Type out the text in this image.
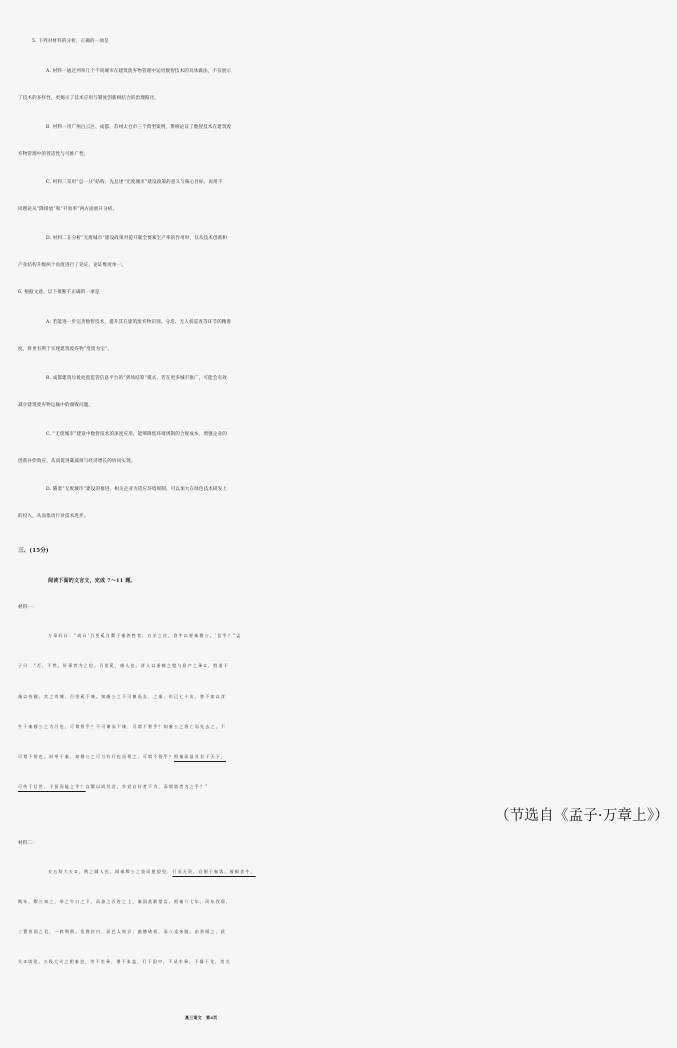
5. 下列对材料的分析，正确的一项是
A. 材料一通过列举几个不同城市在建筑废弃物管理中运用数智技术的具体做法，不仅展示
了技术的多样性，更揭示了技术应用与制度创新相结合的治理路径。
B. 材料一用广州白云区、成都、苏州太仓市三个典型案例，系统论证了数智技术在建筑废
弃物管理中的普适性与可推广性。
C. 材料二采用“总一分”结构，先总述“无废城市”建设政策的意义与核心目标，再用不
同理论从“降排放”和“升效率”两方面展开分析。
D. 材料二在分析“无废城市”建设政策对提升碳全要素生产率的作用时，仅从技术创新和
产业结构升级两个角度进行了论证，论证维度单一。
6. 根据文意，以下推断不正确的一项是
A. 若能进一步完善数智技术，提升其在建筑废弃物识别、分选、无人机巡查等环节的精准
度，将更有利于实现建筑废弃物“变废为宝”。
B. 成都建筑垃圾处置监管信息平台的“到场结算”模式，若在更多城市推广，可能会有效
减少建筑废弃物运输中的腐败问题。
C. “无废城市”建设中数智技术的深度应用，能够降低环境规制的合规成本，增强企业的
创新补偿效应，从而促进碳减排与经济增长的协同实现。
D. 随着“无废城市”建设的推进，相关企业为适应环境规制，可以加大在绿色技术研发上
的投入，从而推动行业技术进步。
三、(15分)
阅读下面的文言文，完成 7～11 题。
材料一：
万章问曰：“或曰‘百里奚自鬻于秦养牲者，五羊之皮，食牛以要秦穆公。’信乎？”孟
子曰：“否，不然。好事者为之也。百里奚，虞人也。晋人以垂棘之璧与屈产之乘①，假道于
虞以伐虢。宫之奇谏，百里奚不谏。知虞公之不可谏而去，之秦，年已七十矣，曾不知以食
牛干秦穆公之为污也，可谓智乎？不可谏而不谏，可谓不智乎？知虞公之将亡而先去之，不
可谓不智也。时举于秦，知穆公之可与有行也而相之，可谓不智乎？相秦而显其君于天下，
可传于后世，不贤而能之乎？自鬻以成其君，乡党自好者不为，而谓贤者为之乎？”
（节选自《孟子·万章上》）
材料二：
夫五羖大夫②，荆之鄙人也。闻秦缪公之贤而愿望见，行而无资，自粥于秦客，被褐食牛。
期年，缪公知之，举之牛口之下，而加之百姓之上，秦国莫敢望焉。相秦六七年，而东伐郑，
三置晋国之君，一救荆祸。发教封内，而巴人致贡；施德诸侯，而八戎来服。由余闻之，款
关③请见。五羖大夫之相秦也，劳不坐乘，暑不张盖，行于国中，不从车乘，不操干戈，功名
高三语文　第4页
